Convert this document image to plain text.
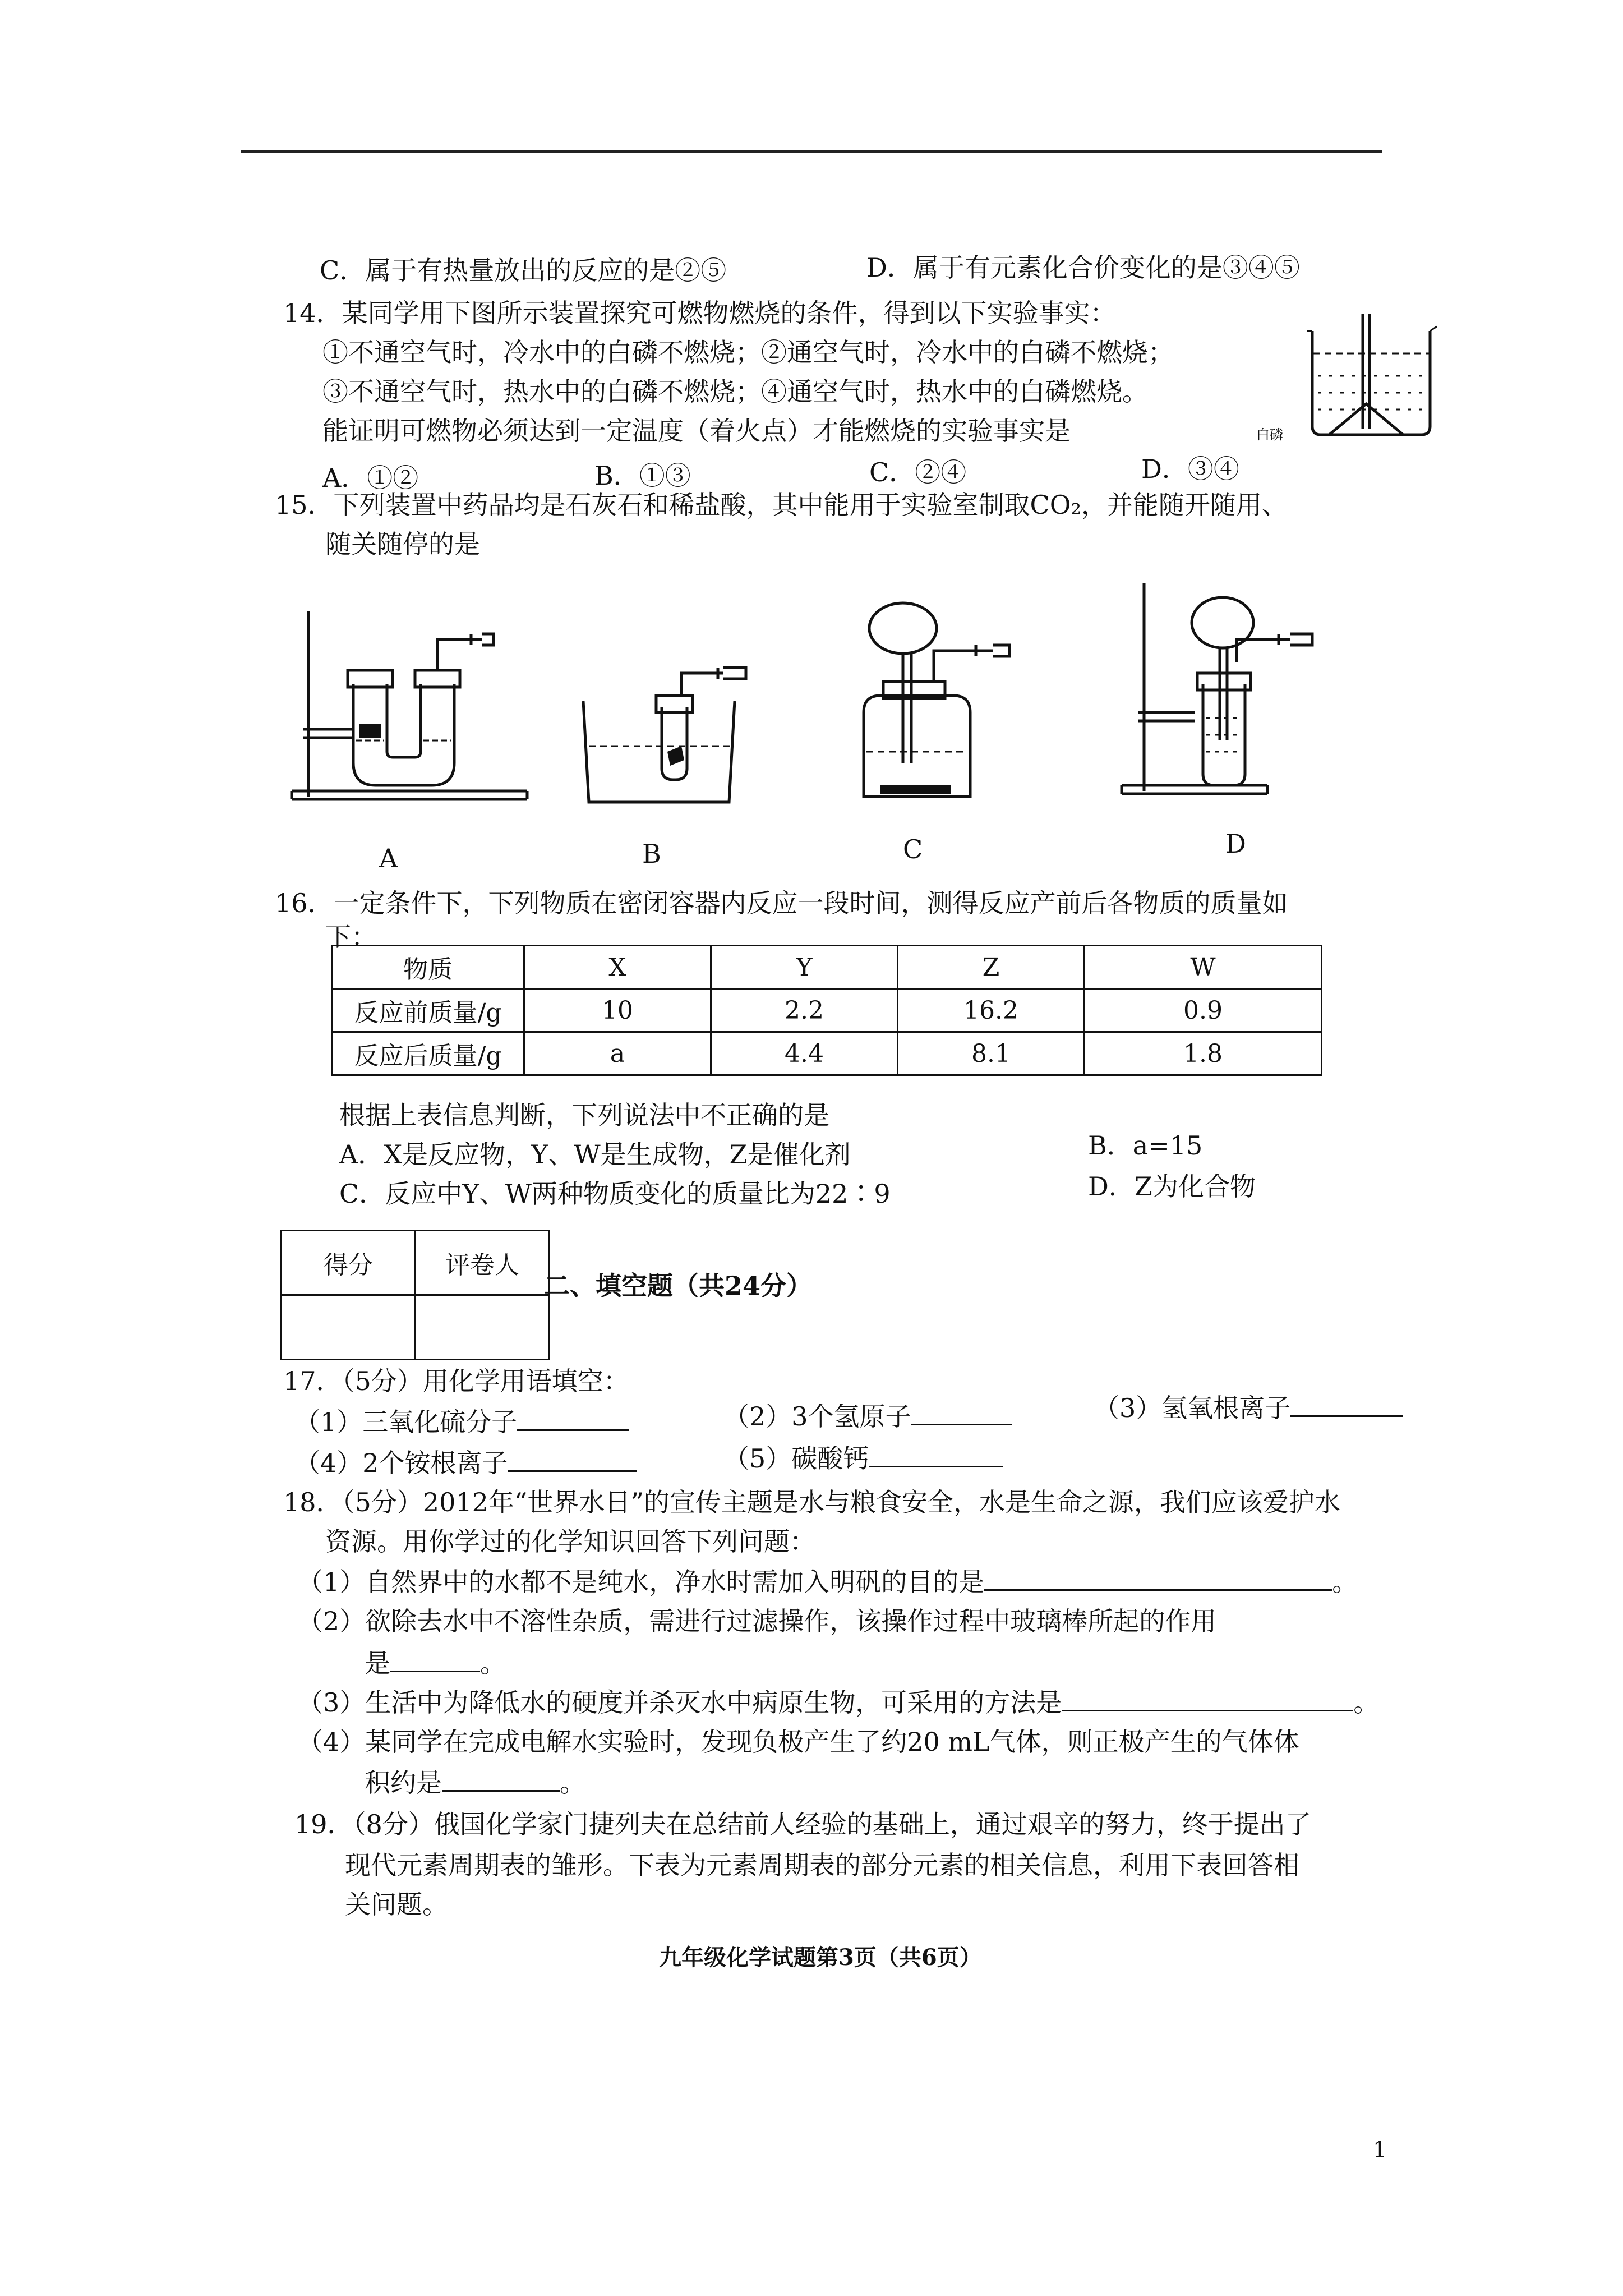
C．属于有热量放出的反应的是②⑤	D．属于有元素化合价变化的是③④⑤
14．某同学用下图所示装置探究可燃物燃烧的条件，得到以下实验事实：
①不通空气时，冷水中的白磷不燃烧；②通空气时，冷水中的白磷不燃烧；
③不通空气时，热水中的白磷不燃烧；④通空气时，热水中的白磷燃烧。
能证明可燃物必须达到一定温度（着火点）才能燃烧的实验事实是
A．①②	B．①③	C．②④	D．③④
白磷
15．下列装置中药品均是石灰石和稀盐酸，其中能用于实验室制取CO₂，并能随开随用、
随关随停的是
A	B	C	D
16．一定条件下，下列物质在密闭容器内反应一段时间，测得反应产前后各物质的质量如
下：
物质	X	Y	Z	W
反应前质量/g	10	2.2	16.2	0.9
反应后质量/g	a	4.4	8.1	1.8
根据上表信息判断，下列说法中不正确的是
A．X是反应物，Y、W是生成物，Z是催化剂	B．a=15
C．反应中Y、W两种物质变化的质量比为22∶9	D．Z为化合物
得分	评卷人

二、填空题（共24分）
17．（5分）用化学用语填空：
（1）三氧化硫分子	（2）3个氢原子	（3）氢氧根离子
（4）2个铵根离子	（5）碳酸钙
18．（5分）2012年“世界水日”的宣传主题是水与粮食安全，水是生命之源，我们应该爱护水
资源。用你学过的化学知识回答下列问题：
（1）自然界中的水都不是纯水，净水时需加入明矾的目的是	。
（2）欲除去水中不溶性杂质，需进行过滤操作，该操作过程中玻璃棒所起的作用
是	。
（3）生活中为降低水的硬度并杀灭水中病原生物，可采用的方法是	。
（4）某同学在完成电解水实验时，发现负极产生了约20 mL气体，则正极产生的气体体
积约是	。
19．（8分）俄国化学家门捷列夫在总结前人经验的基础上，通过艰辛的努力，终于提出了
现代元素周期表的雏形。下表为元素周期表的部分元素的相关信息，利用下表回答相
关问题。
九年级化学试题第3页（共6页）
1
